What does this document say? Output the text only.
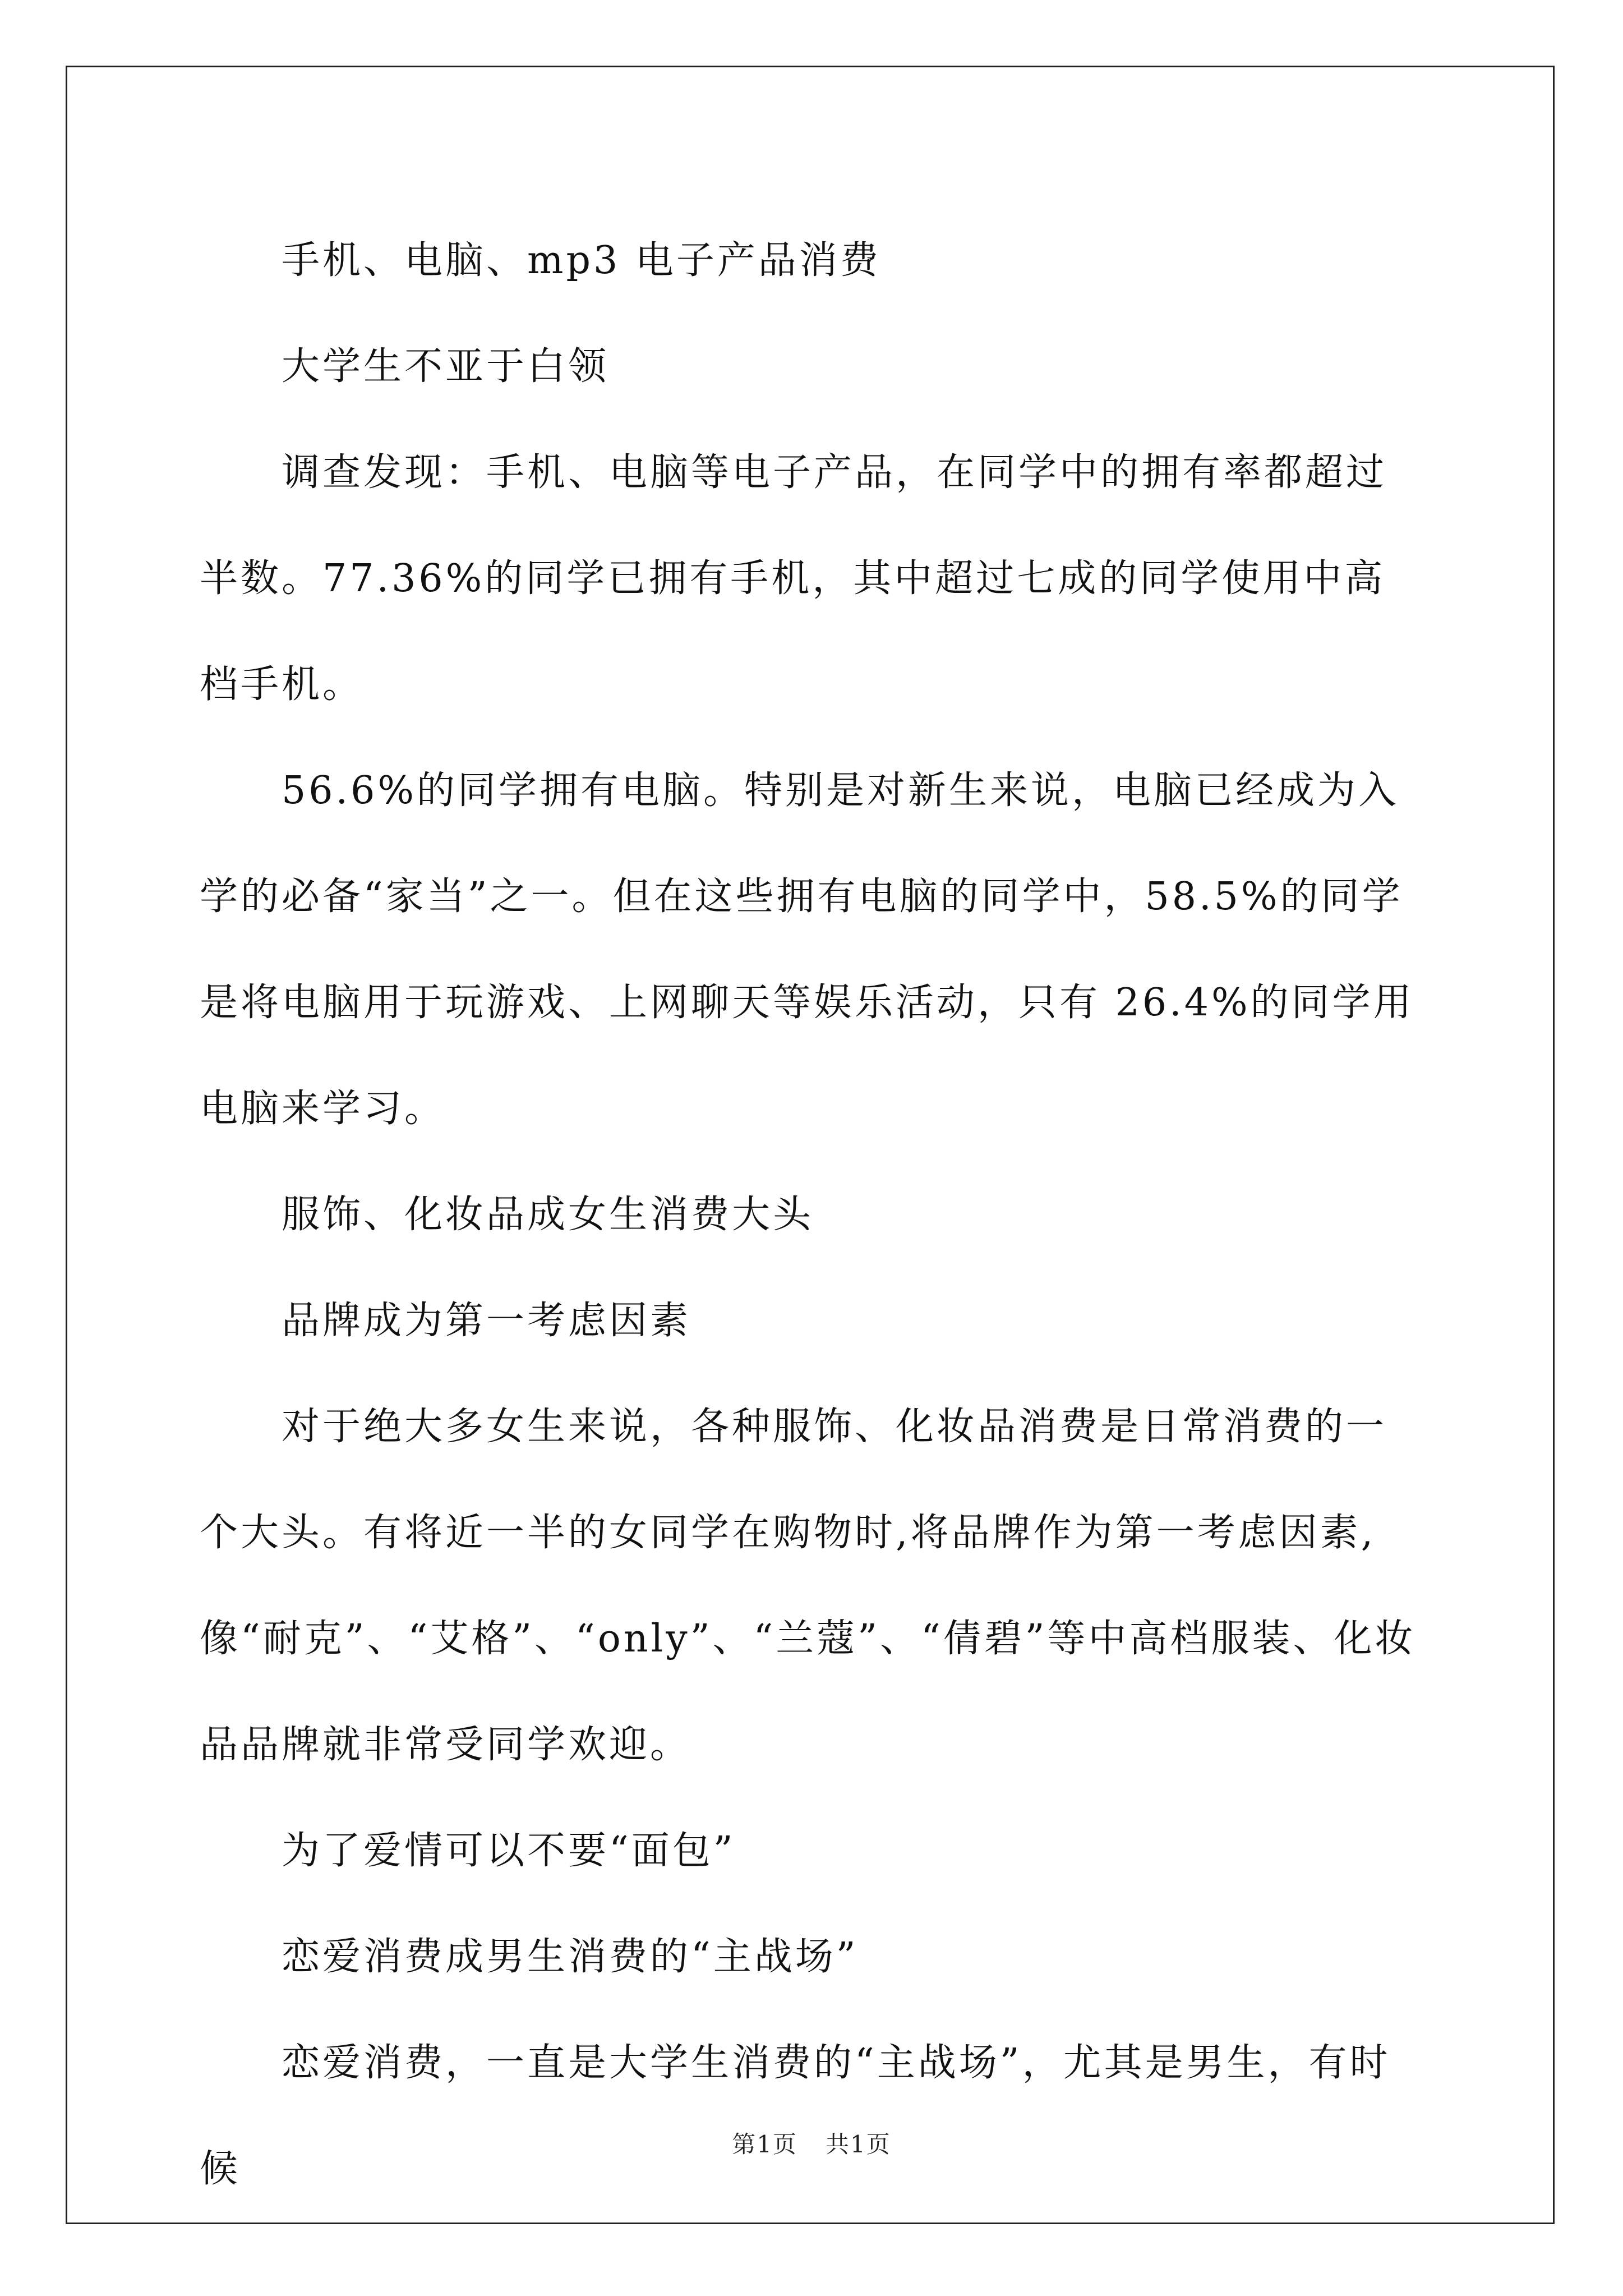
手机、电脑、mp3 电子产品消费

大学生不亚于白领

调查发现：手机、电脑等电子产品，在同学中的拥有率都超过半数。77.36%的同学已拥有手机，其中超过七成的同学使用中高档手机。

56.6%的同学拥有电脑。特别是对新生来说，电脑已经成为入学的必备“家当”之一。但在这些拥有电脑的同学中，58.5%的同学是将电脑用于玩游戏、上网聊天等娱乐活动，只有 26.4%的同学用电脑来学习。

服饰、化妆品成女生消费大头

品牌成为第一考虑因素

对于绝大多女生来说，各种服饰、化妆品消费是日常消费的一个大头。有将近一半的女同学在购物时,将品牌作为第一考虑因素,像“耐克”、“艾格”、“only”、“兰蔻”、“倩碧”等中高档服装、化妆品品牌就非常受同学欢迎。

为了爱情可以不要“面包”

恋爱消费成男生消费的“主战场”

恋爱消费，一直是大学生消费的“主战场”，尤其是男生，有时候

第1页 共1页
